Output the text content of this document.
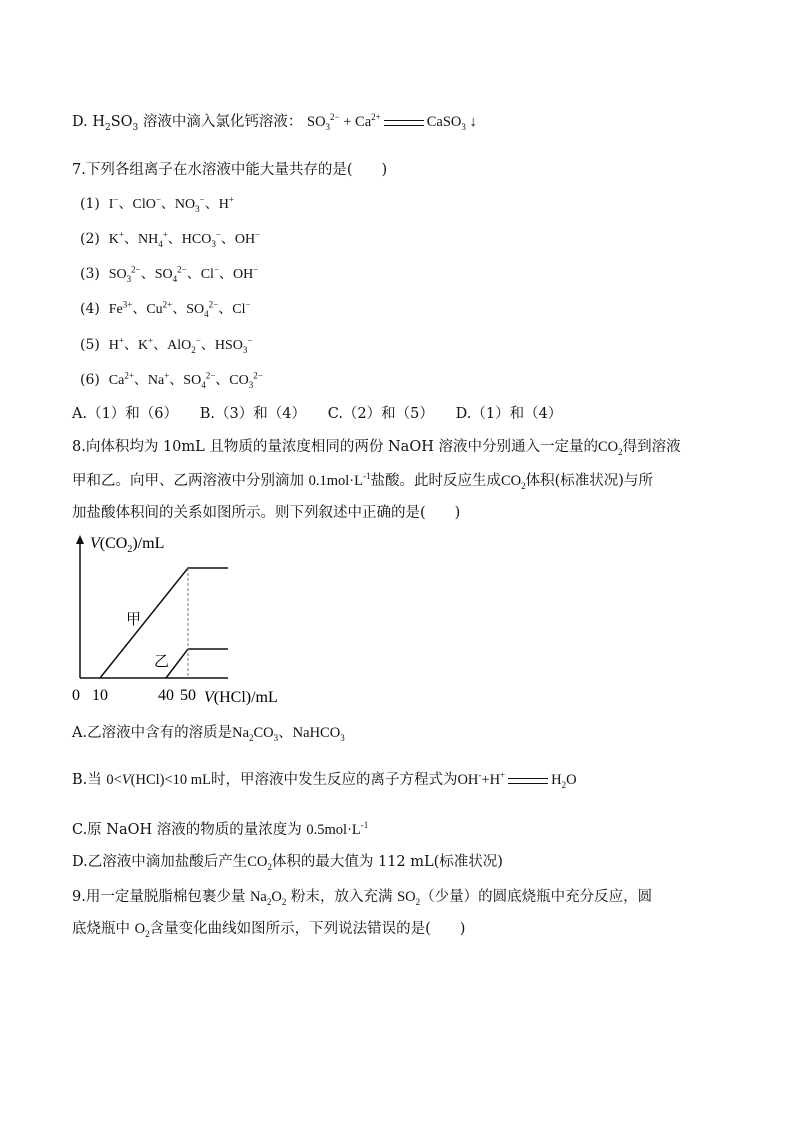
D. $H_2SO_3$ 溶液中滴入氯化钙溶液： $SO_3^{2-} + Ca^{2+}$	CaSO$_3$ ↓
7.下列各组离子在水溶液中能大量共存的是(　　)
(1) I−、ClO−、$NO_3^-$、H+
(2) K+、$NH_4^+$、$HCO_3^-$、OH−
(3) $SO_3^{2-}$、$SO_4^{2-}$、Cl−、OH−
(4) $Fe^{3+}$、$Cu^{2+}$、$SO_4^{2-}$、Cl−
(5) H+、K+、AlO$_2$−、$HSO_3^-$
(6) $Ca^{2+}$、Na+、$SO_4^{2-}$、$CO_3^{2-}$
A.（1）和（6）　　B.（3）和（4）　　C.（2）和（5）　　D.（1）和（4）
8.向体积均为 10mL 且物质的量浓度相同的两份 NaOH 溶液中分别通入一定量的$CO_2$得到溶液
甲和乙。向甲、乙两溶液中分别滴加 $0.1mol\cdot L^{-1}$盐酸。此时反应生成$CO_2$体积(标准状况)与所
加盐酸体积间的关系如图所示。则下列叙述中正确的是(　　)
$V(CO_2)/mL$
甲
乙
0 10	40 50 V(HCl)/mL
A.乙溶液中含有的溶质是$Na_2CO_3$、NaHCO$_3$
B.当 0<V(HCl)<10 mL时，甲溶液中发生反应的离子方程式为OH-+H+	$H_2O$
C.原 NaOH 溶液的物质的量浓度为 $0.5mol\cdot L^{-1}$
D.乙溶液中滴加盐酸后产生$CO_2$体积的最大值为 112 mL(标准状况)
9.用一定量脱脂棉包裹少量 $Na_2O_2$ 粉末，放入充满 $SO_2$（少量）的圆底烧瓶中充分反应，圆
底烧瓶中 $O_2$含量变化曲线如图所示，下列说法错误的是(　　)
